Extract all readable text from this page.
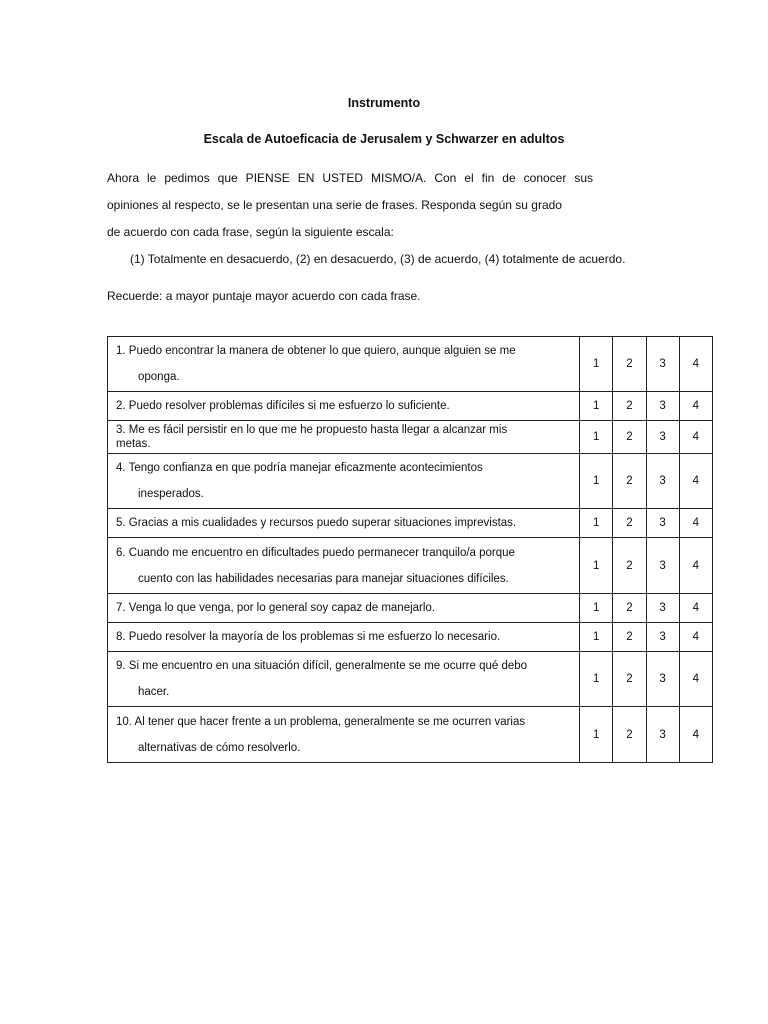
Instrumento
Escala de Autoeficacia de Jerusalem y Schwarzer en adultos
Ahora le pedimos que PIENSE EN USTED MISMO/A. Con el fin de conocer sus
opiniones al respecto, se le presentan una serie de frases. Responda según su grado
de acuerdo con cada frase, según la siguiente escala:
(1) Totalmente en desacuerdo, (2) en desacuerdo, (3) de acuerdo, (4) totalmente de acuerdo.
Recuerde: a mayor puntaje mayor acuerdo con cada frase.
1. Puedo encontrar la manera de obtener lo que quiero, aunque alguien se me
oponga.	1	2	3	4
2. Puedo resolver problemas difíciles si me esfuerzo lo suficiente.	1	2	3	4
3. Me es fácil persistir en lo que me he propuesto hasta llegar a alcanzar mis
metas.	1	2	3	4
4. Tengo confianza en que podría manejar eficazmente acontecimientos
inesperados.	1	2	3	4
5. Gracias a mis cualidades y recursos puedo superar situaciones imprevistas.	1	2	3	4
6. Cuando me encuentro en dificultades puedo permanecer tranquilo/a porque
cuento con las habilidades necesarias para manejar situaciones difíciles.	1	2	3	4
7. Venga lo que venga, por lo general soy capaz de manejarlo.	1	2	3	4
8. Puedo resolver la mayoría de los problemas si me esfuerzo lo necesario.	1	2	3	4
9. Si me encuentro en una situación difícil, generalmente se me ocurre qué debo
hacer.	1	2	3	4
10. Al tener que hacer frente a un problema, generalmente se me ocurren varias
alternativas de cómo resolverlo.	1	2	3	4
